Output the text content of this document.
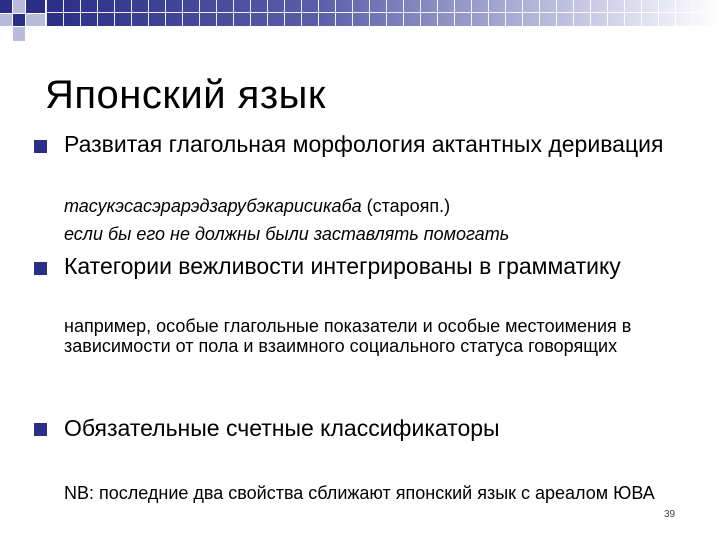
Японский язык
Развитая глагольная морфология актантных деривация
тасукэсасэрарэдзарубэкарисикаба (старояп.)
если бы его не должны были заставлять помогать
Категории вежливости интегрированы в грамматику
например, особые глагольные показатели и особые местоимения в зависимости от пола и взаимного социального статуса говорящих
Обязательные счетные классификаторы
NB: последние два свойства сближают японский язык с ареалом ЮВА
39
